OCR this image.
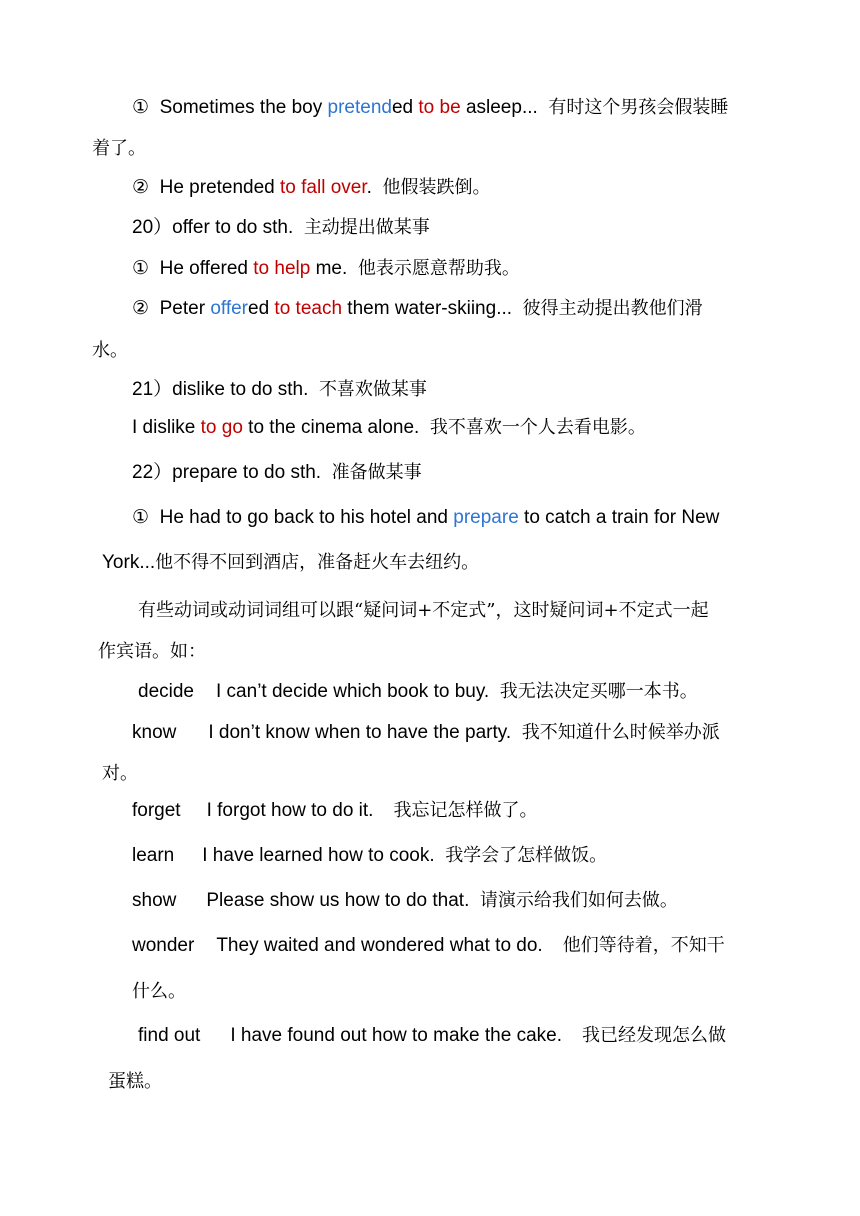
① Sometimes the boy pretended to be asleep... 有时这个男孩会假装睡
着了。
② He pretended to fall over. 他假装跌倒。
20）offer to do sth. 主动提出做某事
① He offered to help me. 他表示愿意帮助我。
② Peter offered to teach them water-skiing... 彼得主动提出教他们滑
水。
21）dislike to do sth. 不喜欢做某事
I dislike to go to the cinema alone. 我不喜欢一个人去看电影。
22）prepare to do sth. 准备做某事
① He had to go back to his hotel and prepare to catch a train for New
York...他不得不回到酒店，准备赶火车去纽约。
有些动词或动词词组可以跟“疑问词+不定式”，这时疑问词+不定式一起
作宾语。如：
decide I can’t decide which book to buy. 我无法决定买哪一本书。
know I don’t know when to have the party. 我不知道什么时候举办派
对。
forget I forgot how to do it. 我忘记怎样做了。
learn I have learned how to cook. 我学会了怎样做饭。
show Please show us how to do that. 请演示给我们如何去做。
wonder They waited and wondered what to do. 他们等待着，不知干
什么。
find out I have found out how to make the cake. 我已经发现怎么做
蛋糕。
